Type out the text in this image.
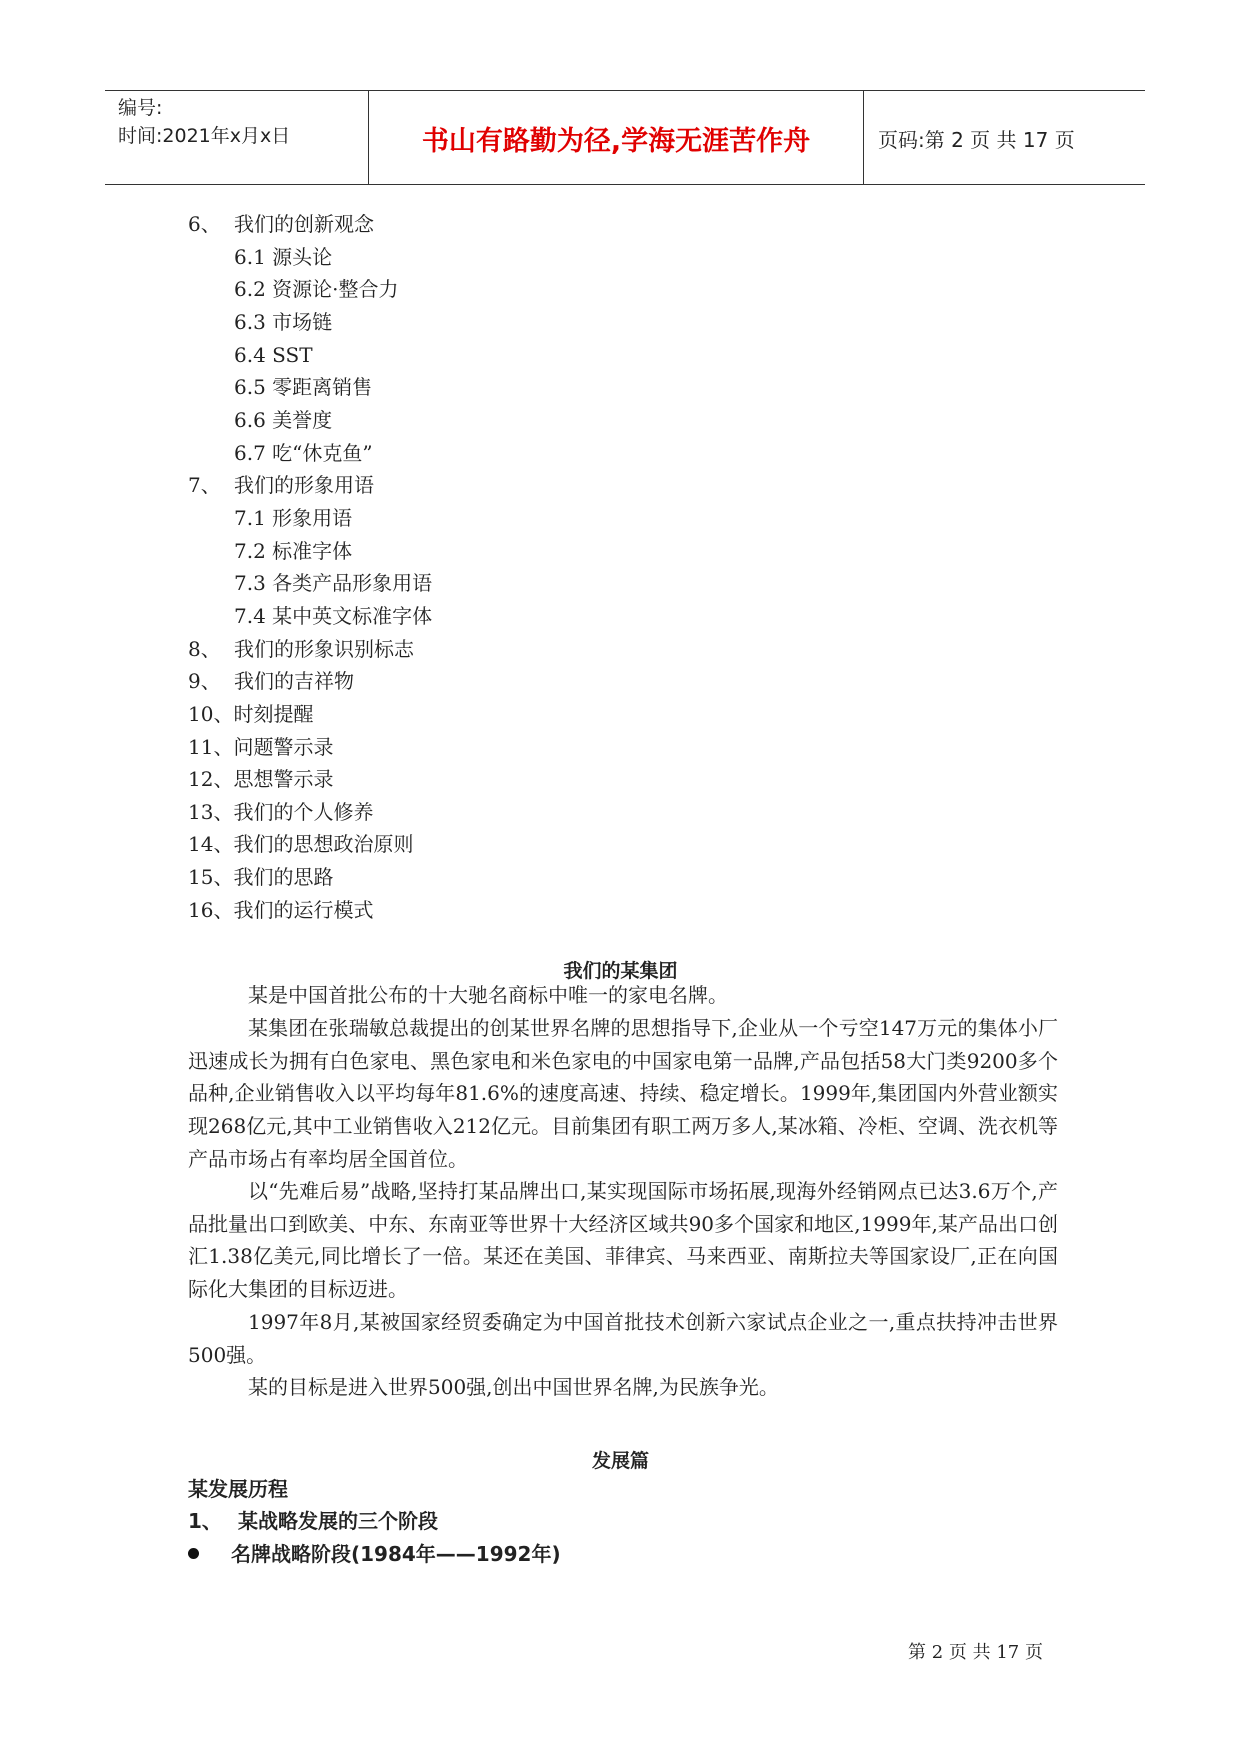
编号:
时间:2021年x月x日	书山有路勤为径,学海无涯苦作舟	页码:第 2 页 共 17 页
6、 我们的创新观念
6.1 源头论
6.2 资源论·整合力
6.3 市场链
6.4 SST
6.5 零距离销售
6.6 美誉度
6.7 吃“休克鱼”
7、 我们的形象用语
7.1 形象用语
7.2 标准字体
7.3 各类产品形象用语
7.4 某中英文标准字体
8、 我们的形象识别标志
9、 我们的吉祥物
10、时刻提醒
11、问题警示录
12、思想警示录
13、我们的个人修养
14、我们的思想政治原则
15、我们的思路
16、我们的运行模式
我们的某集团
某是中国首批公布的十大驰名商标中唯一的家电名牌。
某集团在张瑞敏总裁提出的创某世界名牌的思想指导下,企业从一个亏空147万元的集体小厂迅速成长为拥有白色家电、黑色家电和米色家电的中国家电第一品牌,产品包括58大门类9200多个品种,企业销售收入以平均每年81.6%的速度高速、持续、稳定增长。1999年,集团国内外营业额实现268亿元,其中工业销售收入212亿元。目前集团有职工两万多人,某冰箱、冷柜、空调、洗衣机等产品市场占有率均居全国首位。
以“先难后易”战略,坚持打某品牌出口,某实现国际市场拓展,现海外经销网点已达3.6万个,产品批量出口到欧美、中东、东南亚等世界十大经济区域共90多个国家和地区,1999年,某产品出口创汇1.38亿美元,同比增长了一倍。某还在美国、菲律宾、马来西亚、南斯拉夫等国家设厂,正在向国际化大集团的目标迈进。
1997年8月,某被国家经贸委确定为中国首批技术创新六家试点企业之一,重点扶持冲击世界500强。
某的目标是进入世界500强,创出中国世界名牌,为民族争光。
发展篇
某发展历程
1、 某战略发展的三个阶段
名牌战略阶段(1984年——1992年)
第 2 页 共 17 页
